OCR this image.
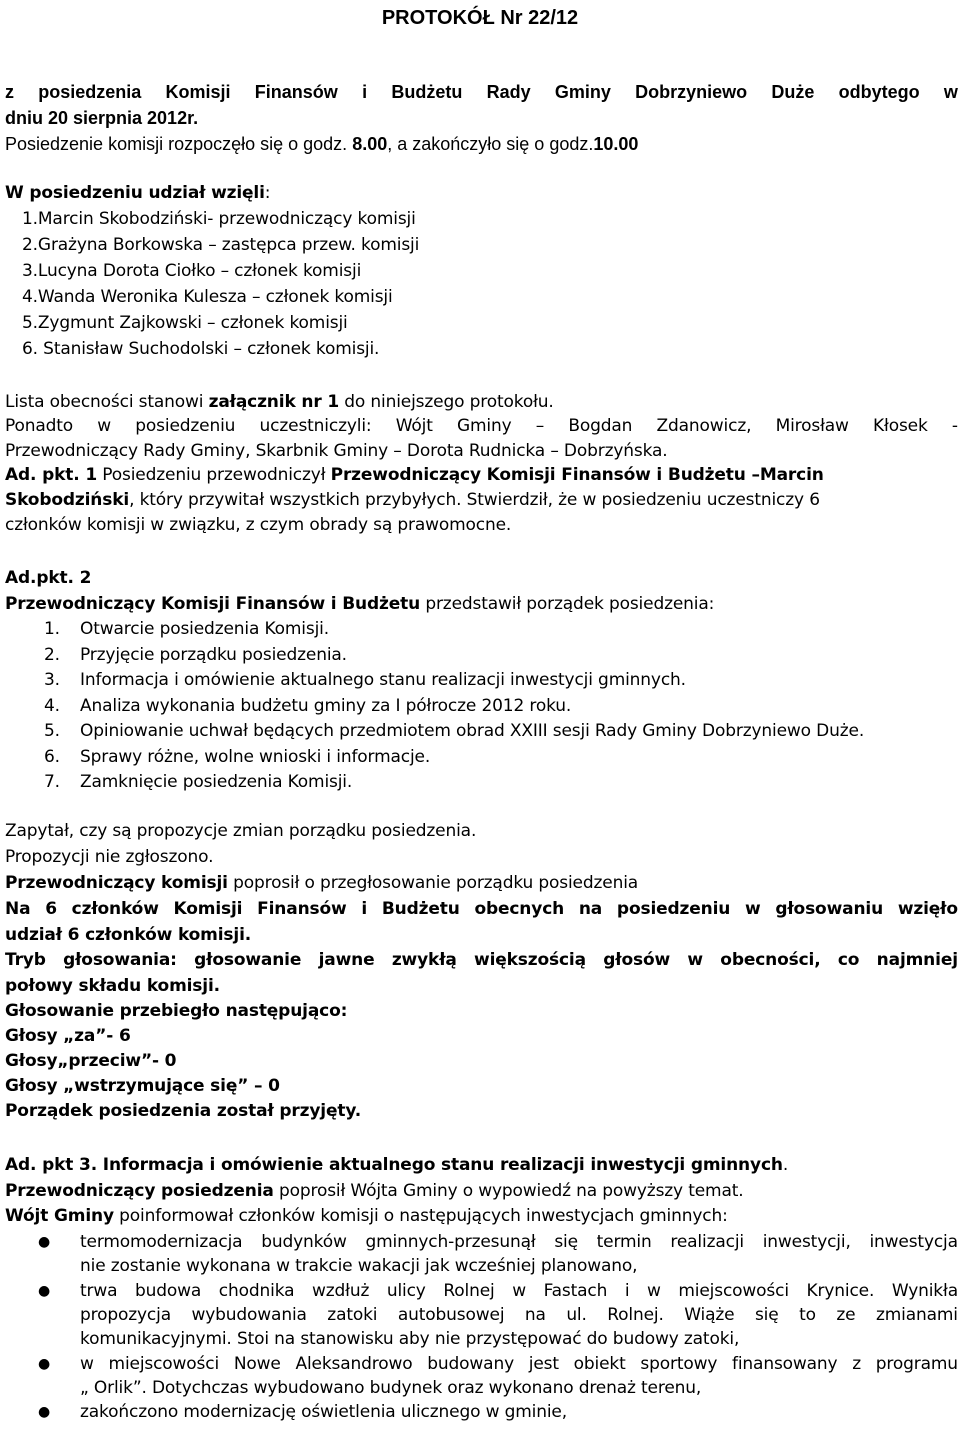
PROTOKÓŁ Nr 22/12
z posiedzenia Komisji Finansów i Budżetu Rady Gminy Dobrzyniewo Duże odbytego w
dniu 20 sierpnia 2012r.
Posiedzenie komisji rozpoczęło się o godz. 8.00, a zakończyło się o godz.10.00
W posiedzeniu udział wzięli:
1.Marcin Skobodziński- przewodniczący komisji
2.Grażyna Borkowska – zastępca przew. komisji
3.Lucyna Dorota Ciołko – członek komisji
4.Wanda Weronika Kulesza – członek komisji
5.Zygmunt Zajkowski – członek komisji
6. Stanisław Suchodolski – członek komisji.
Lista obecności stanowi załącznik nr 1 do niniejszego protokołu.
Ponadto w posiedzeniu uczestniczyli: Wójt Gminy – Bogdan Zdanowicz, Mirosław Kłosek -
Przewodniczący Rady Gminy, Skarbnik Gminy – Dorota Rudnicka – Dobrzyńska.
Ad. pkt. 1 Posiedzeniu przewodniczył Przewodniczący Komisji Finansów i Budżetu –Marcin
Skobodziński, który przywitał wszystkich przybyłych. Stwierdził, że w posiedzeniu uczestniczy 6
członków komisji w związku, z czym obrady są prawomocne.
Ad.pkt. 2
Przewodniczący Komisji Finansów i Budżetu przedstawił porządek posiedzenia:
1. Otwarcie posiedzenia Komisji.
2. Przyjęcie porządku posiedzenia.
3. Informacja i omówienie aktualnego stanu realizacji inwestycji gminnych.
4. Analiza wykonania budżetu gminy za I półrocze 2012 roku.
5. Opiniowanie uchwał będących przedmiotem obrad XXIII sesji Rady Gminy Dobrzyniewo Duże.
6. Sprawy różne, wolne wnioski i informacje.
7. Zamknięcie posiedzenia Komisji.
Zapytał, czy są propozycje zmian porządku posiedzenia.
Propozycji nie zgłoszono.
Przewodniczący komisji poprosił o przegłosowanie porządku posiedzenia
Na 6 członków Komisji Finansów i Budżetu obecnych na posiedzeniu w głosowaniu wzięło
udział 6 członków komisji.
Tryb głosowania: głosowanie jawne zwykłą większością głosów w obecności, co najmniej
połowy składu komisji.
Głosowanie przebiegło następująco:
Głosy „za”- 6
Głosy„przeciw”- 0
Głosy „wstrzymujące się” – 0
Porządek posiedzenia został przyjęty.
Ad. pkt 3. Informacja i omówienie aktualnego stanu realizacji inwestycji gminnych.
Przewodniczący posiedzenia poprosił Wójta Gminy o wypowiedź na powyższy temat.
Wójt Gminy poinformował członków komisji o następujących inwestycjach gminnych:
● termomodernizacja budynków gminnych-przesunął się termin realizacji inwestycji, inwestycja
nie zostanie wykonana w trakcie wakacji jak wcześniej planowano,
● trwa budowa chodnika wzdłuż ulicy Rolnej w Fastach i w miejscowości Krynice. Wynikła
propozycja wybudowania zatoki autobusowej na ul. Rolnej. Wiąże się to ze zmianami
komunikacyjnymi. Stoi na stanowisku aby nie przystępować do budowy zatoki,
● w miejscowości Nowe Aleksandrowo budowany jest obiekt sportowy finansowany z programu
„ Orlik”. Dotychczas wybudowano budynek oraz wykonano drenaż terenu,
● zakończono modernizację oświetlenia ulicznego w gminie,
